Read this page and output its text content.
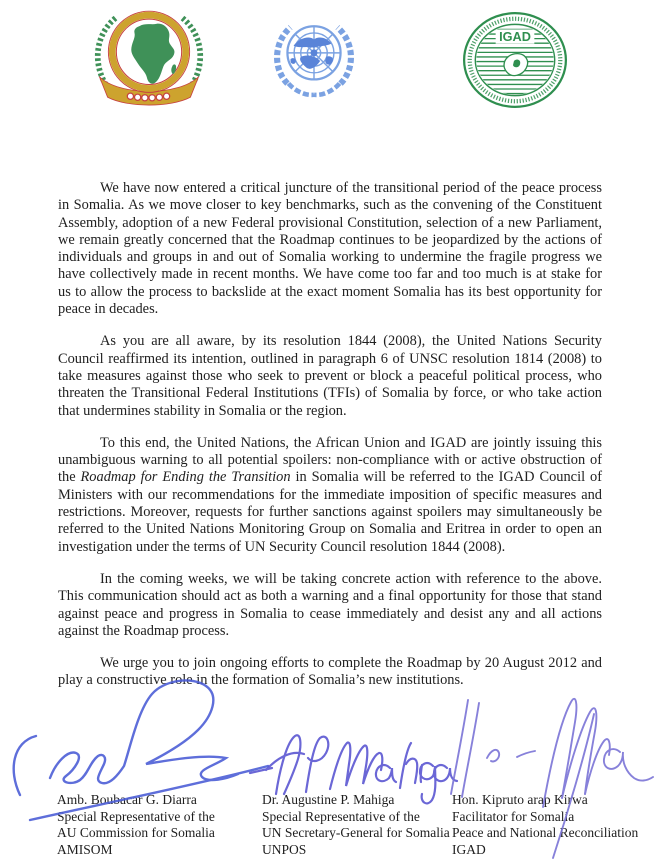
IGAD

We have now entered a critical juncture of the transitional period of the peace process in Somalia. As we move closer to key benchmarks, such as the convening of the Constituent Assembly, adoption of a new Federal provisional Constitution, selection of a new Parliament, we remain greatly concerned that the Roadmap continues to be jeopardized by the actions of individuals and groups in and out of Somalia working to undermine the fragile progress we have collectively made in recent months. We have come too far and too much is at stake for us to allow the process to backslide at the exact moment Somalia has its best opportunity for peace in decades.

As you are all aware, by its resolution 1844 (2008), the United Nations Security Council reaffirmed its intention, outlined in paragraph 6 of UNSC resolution 1814 (2008) to take measures against those who seek to prevent or block a peaceful political process, who threaten the Transitional Federal Institutions (TFIs) of Somalia by force, or who take action that undermines stability in Somalia or the region.

To this end, the United Nations, the African Union and IGAD are jointly issuing this unambiguous warning to all potential spoilers: non-compliance with or active obstruction of the Roadmap for Ending the Transition in Somalia will be referred to the IGAD Council of Ministers with our recommendations for the immediate imposition of specific measures and restrictions. Moreover, requests for further sanctions against spoilers may simultaneously be referred to the United Nations Monitoring Group on Somalia and Eritrea in order to open an investigation under the terms of UN Security Council resolution 1844 (2008).

In the coming weeks, we will be taking concrete action with reference to the above. This communication should act as both a warning and a final opportunity for those that stand against peace and progress in Somalia to cease immediately and desist any and all actions against the Roadmap process.

We urge you to join ongoing efforts to complete the Roadmap by 20 August 2012 and play a constructive role in the formation of Somalia’s new institutions.

Amb. Boubacar G. Diarra
Special Representative of the
AU Commission for Somalia
AMISOM
Dr. Augustine P. Mahiga
Special Representative of the
UN Secretary-General for Somalia
UNPOS
Hon. Kipruto arap Kirwa
Facilitator for Somalia
Peace and National Reconciliation
IGAD
